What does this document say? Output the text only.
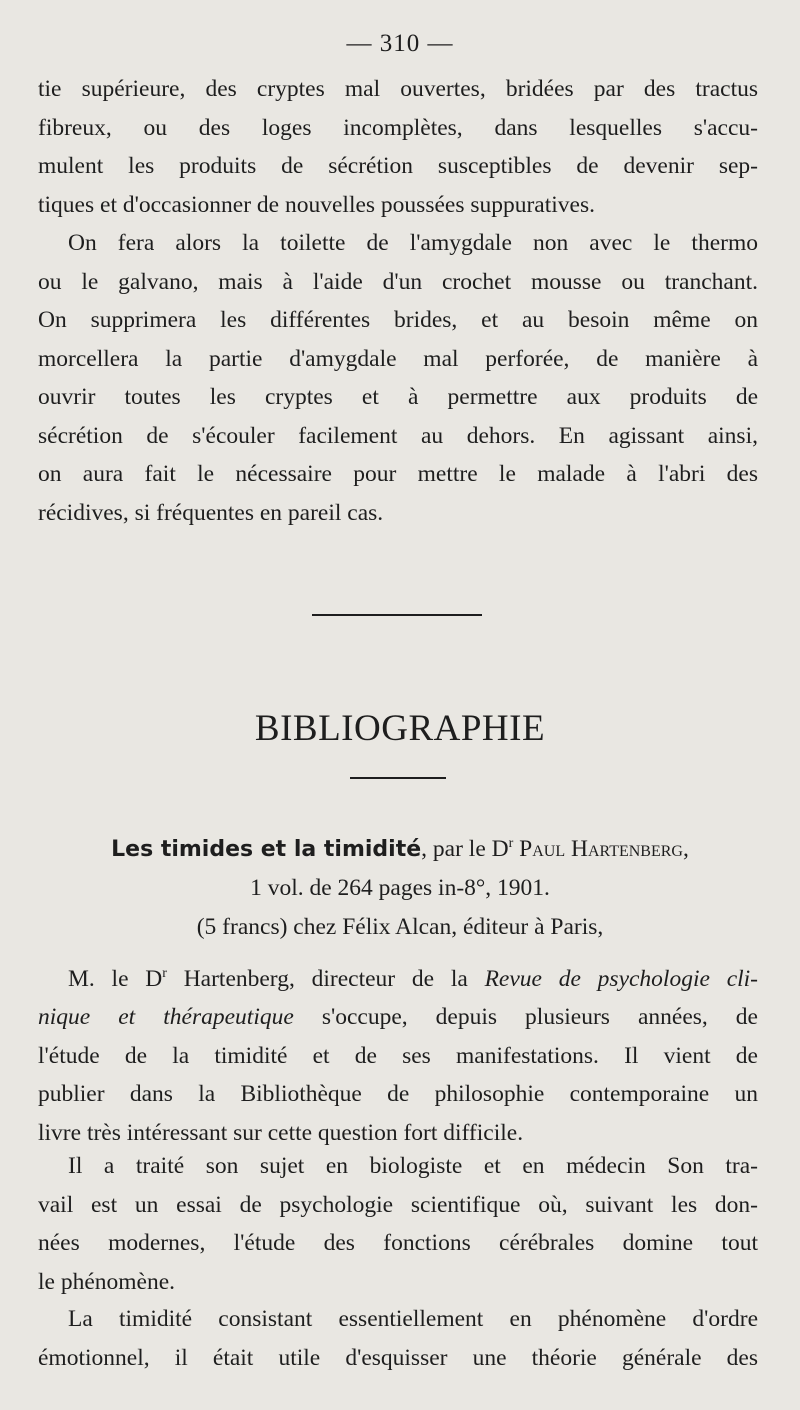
— 310 —
tie supérieure, des cryptes mal ouvertes, bridées par des tractus
fibreux, ou des loges incomplètes, dans lesquelles s'accu-
mulent les produits de sécrétion susceptibles de devenir sep-
tiques et d'occasionner de nouvelles poussées suppuratives.
On fera alors la toilette de l'amygdale non avec le thermo
ou le galvano, mais à l'aide d'un crochet mousse ou tranchant.
On supprimera les différentes brides, et au besoin même on
morcellera la partie d'amygdale mal perforée, de manière à
ouvrir toutes les cryptes et à permettre aux produits de
sécrétion de s'écouler facilement au dehors. En agissant ainsi,
on aura fait le nécessaire pour mettre le malade à l'abri des
récidives, si fréquentes en pareil cas.
BIBLIOGRAPHIE
Les timides et la timidité, par le $D^r$ Paul Hartenberg,
1 vol. de 264 pages in-8°, 1901.
(5 francs) chez Félix Alcan, éditeur à Paris,
M. le $D^r$ Hartenberg, directeur de la Revue de psychologie cli-
nique et thérapeutique s'occupe, depuis plusieurs années, de
l'étude de la timidité et de ses manifestations. Il vient de
publier dans la Bibliothèque de philosophie contemporaine un
livre très intéressant sur cette question fort difficile.
Il a traité son sujet en biologiste et en médecin Son tra-
vail est un essai de psychologie scientifique où, suivant les don-
nées modernes, l'étude des fonctions cérébrales domine tout
le phénomène.
La timidité consistant essentiellement en phénomène d'ordre
émotionnel, il était utile d'esquisser une théorie générale des
